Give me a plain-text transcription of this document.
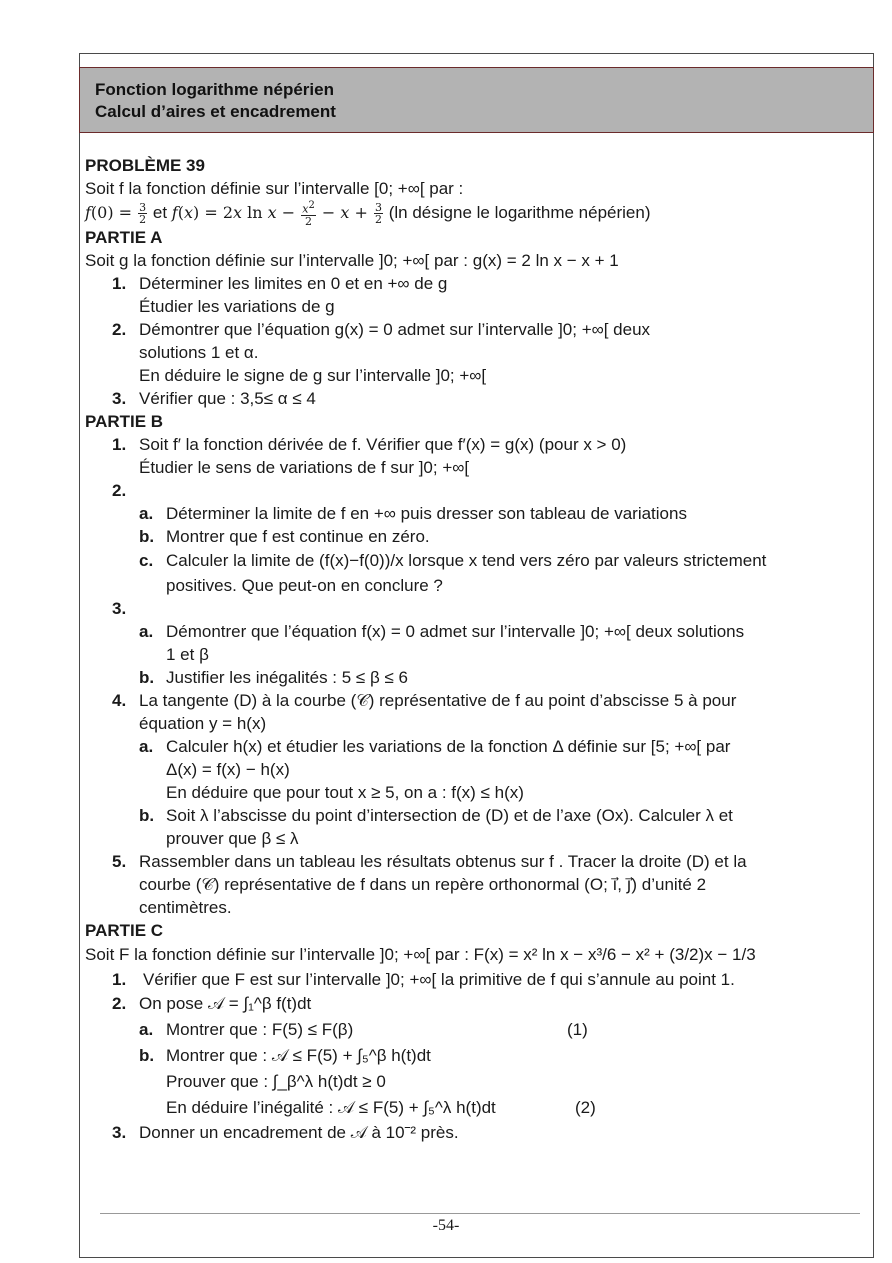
Fonction logarithme népérien
Calcul d’aires et encadrement
PROBLÈME 39
Soit f la fonction définie sur l’intervalle [0; +∞[ par :
$f(0) = \frac{3}{2}$ et f(x) = 2x $\ln x - \frac{x^2}{2} - x + \frac{3}{2} (\ln$ désigne le logarithme népérien)
PARTIE A
Soit g la fonction définie sur l’intervalle ]0; +∞[ par : g(x) = 2 ln x − x + 1
1. Déterminer les limites en 0 et en +∞ de g
Étudier les variations de g
2. Démontrer que l’équation g(x) = 0 admet sur l’intervalle ]0; +∞[ deux
solutions 1 et α.
En déduire le signe de g sur l’intervalle ]0; +∞[
3. Vérifier que : 3,5≤ α ≤ 4
PARTIE B
1. Soit f′ la fonction dérivée de f. Vérifier que f′(x) = g(x) (pour x > 0)
Étudier le sens de variations de f sur ]0; +∞[
2.
a. Déterminer la limite de f en +∞ puis dresser son tableau de variations
b. Montrer que f est continue en zéro.
c. Calculer la limite de (f(x)−f(0))/x lorsque x tend vers zéro par valeurs strictement
positives. Que peut-on en conclure ?
3.
a. Démontrer que l’équation f(x) = 0 admet sur l’intervalle ]0; +∞[ deux solutions
1 et β
b. Justifier les inégalités : 5 ≤ β ≤ 6
4. La tangente (D) à la courbe (𝒞) représentative de f au point d’abscisse 5 à pour
équation y = h(x)
a. Calculer h(x) et étudier les variations de la fonction Δ définie sur [5; +∞[ par
Δ(x) = f(x) − h(x)
En déduire que pour tout x ≥ 5, on a : f(x) ≤ h(x)
b. Soit λ l’abscisse du point d’intersection de (D) et de l’axe (Ox). Calculer λ et
prouver que β ≤ λ
5. Rassembler dans un tableau les résultats obtenus sur f . Tracer la droite (D) et la
courbe (𝒞) représentative de f dans un repère orthonormal (O; i⃗, j⃗) d’unité 2
centimètres.
PARTIE C
Soit F la fonction définie sur l’intervalle ]0; +∞[ par : F(x) = x² ln x − x³/6 − x² + (3/2)x − 1/3
1. Vérifier que F est sur l’intervalle ]0; +∞[ la primitive de f qui s’annule au point 1.
2. On pose 𝒜 = ∫₁^β f(t)dt
a. Montrer que : F(5) ≤ F(β)	(1)
b. Montrer que : 𝒜 ≤ F(5) + ∫₅^β h(t)dt
Prouver que : ∫_β^λ h(t)dt ≥ 0
En déduire l’inégalité : 𝒜 ≤ F(5) + ∫₅^λ h(t)dt	(2)
3. Donner un encadrement de 𝒜 à 10⁻² près.
-54-
